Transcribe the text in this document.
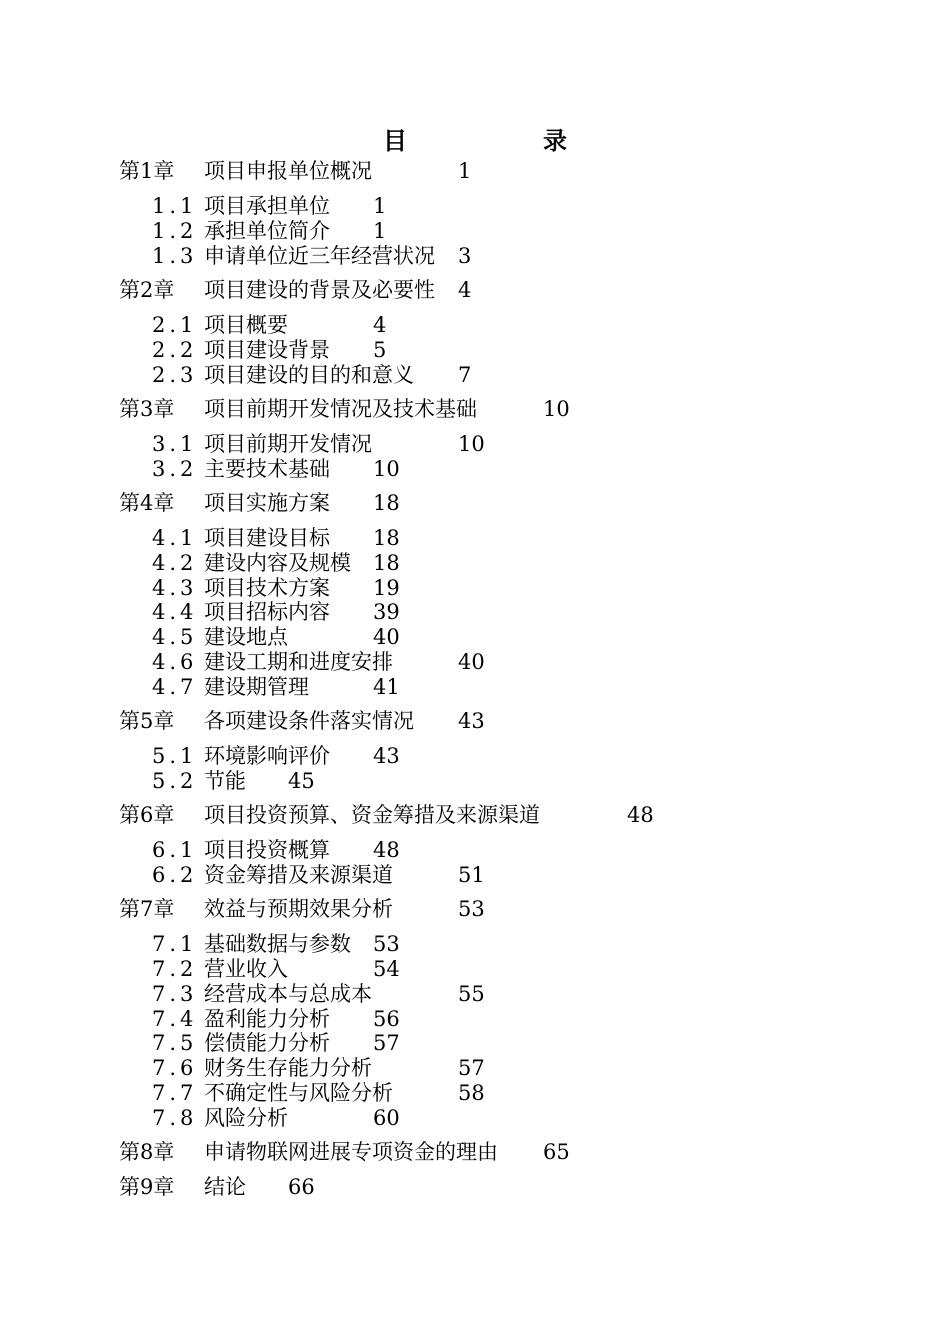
目　录
第1章 项目申报单位概况	1
1.1 项目承担单位 1
1.2 承担单位简介 1
1.3 申请单位近三年经营状况 3
第2章 项目建设的背景及必要性 4
2.1 项目概要	4
2.2 项目建设背景 5
2.3 项目建设的目的和意义 7
第3章 项目前期开发情况及技术基础	10
3.1 项目前期开发情况	10
3.2 主要技术基础 10
第4章 项目实施方案 18
4.1 项目建设目标 18
4.2 建设内容及规模 18
4.3 项目技术方案 19
4.4 项目招标内容 39
4.5 建设地点	40
4.6 建设工期和进度安排	40
4.7 建设期管理	41
第5章 各项建设条件落实情况 43
5.1 环境影响评价 43
5.2 节能 45
第6章 项目投资预算、资金筹措及来源渠道	48
6.1 项目投资概算 48
6.2 资金筹措及来源渠道	51
第7章 效益与预期效果分析	53
7.1 基础数据与参数 53
7.2 营业收入	54
7.3 经营成本与总成本	55
7.4 盈利能力分析 56
7.5 偿债能力分析 57
7.6 财务生存能力分析	57
7.7 不确定性与风险分析	58
7.8 风险分析	60
第8章 申请物联网进展专项资金的理由 65
第9章 结论 66
